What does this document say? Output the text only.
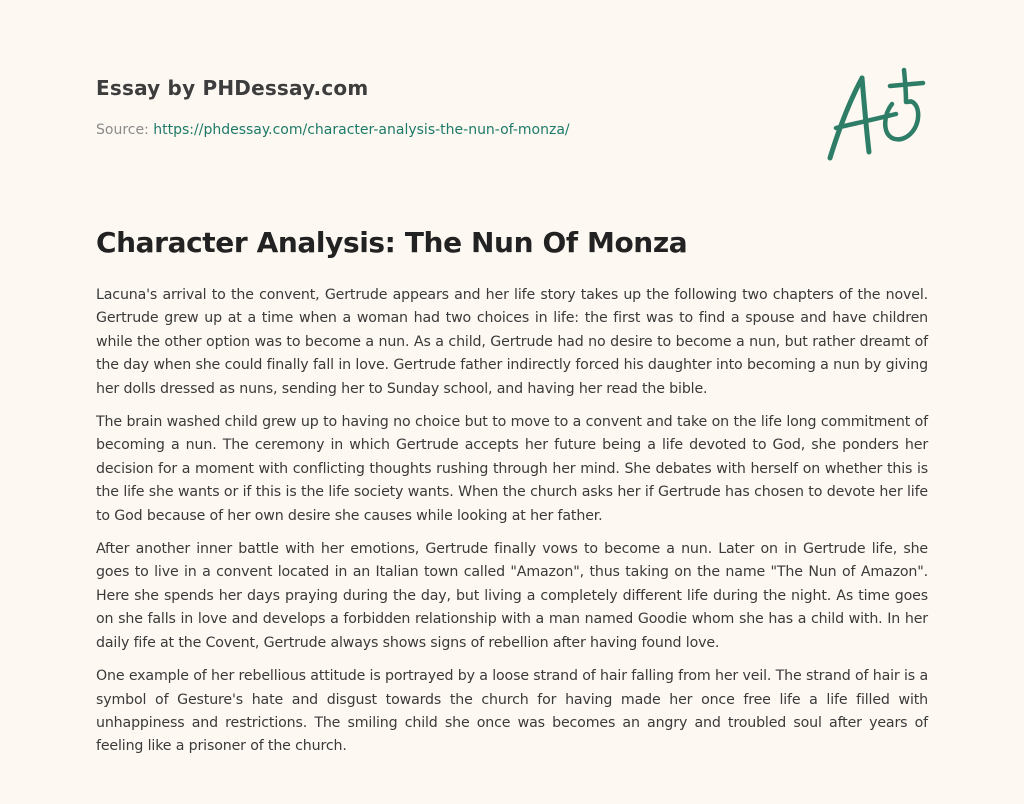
Essay by PHDessay.com
Source: https://phdessay.com/character-analysis-the-nun-of-monza/
Character Analysis: The Nun Of Monza

Lacuna's arrival to the convent, Gertrude appears and her life story takes up the following two chapters of the novel. Gertrude grew up at a time when a woman had two choices in life: the first was to find a spouse and have children while the other option was to become a nun. As a child, Gertrude had no desire to become a nun, but rather dreamt of the day when she could finally fall in love. Gertrude father indirectly forced his daughter into becoming a nun by giving her dolls dressed as nuns, sending her to Sunday school, and having her read the bible.

The brain washed child grew up to having no choice but to move to a convent and take on the life long commitment of becoming a nun. The ceremony in which Gertrude accepts her future being a life devoted to God, she ponders her decision for a moment with conflicting thoughts rushing through her mind. She debates with herself on whether this is the life she wants or if this is the life society wants. When the church asks her if Gertrude has chosen to devote her life to God because of her own desire she causes while looking at her father.

After another inner battle with her emotions, Gertrude finally vows to become a nun. Later on in Gertrude life, she goes to live in a convent located in an Italian town called "Amazon", thus taking on the name "The Nun of Amazon". Here she spends her days praying during the day, but living a completely different life during the night. As time goes on she falls in love and develops a forbidden relationship with a man named Goodie whom she has a child with. In her daily fife at the Covent, Gertrude always shows signs of rebellion after having found love.

One example of her rebellious attitude is portrayed by a loose strand of hair falling from her veil. The strand of hair is a symbol of Gesture's hate and disgust towards the church for having made her once free life a life filled with unhappiness and restrictions. The smiling child she once was becomes an angry and troubled soul after years of feeling like a prisoner of the church.
